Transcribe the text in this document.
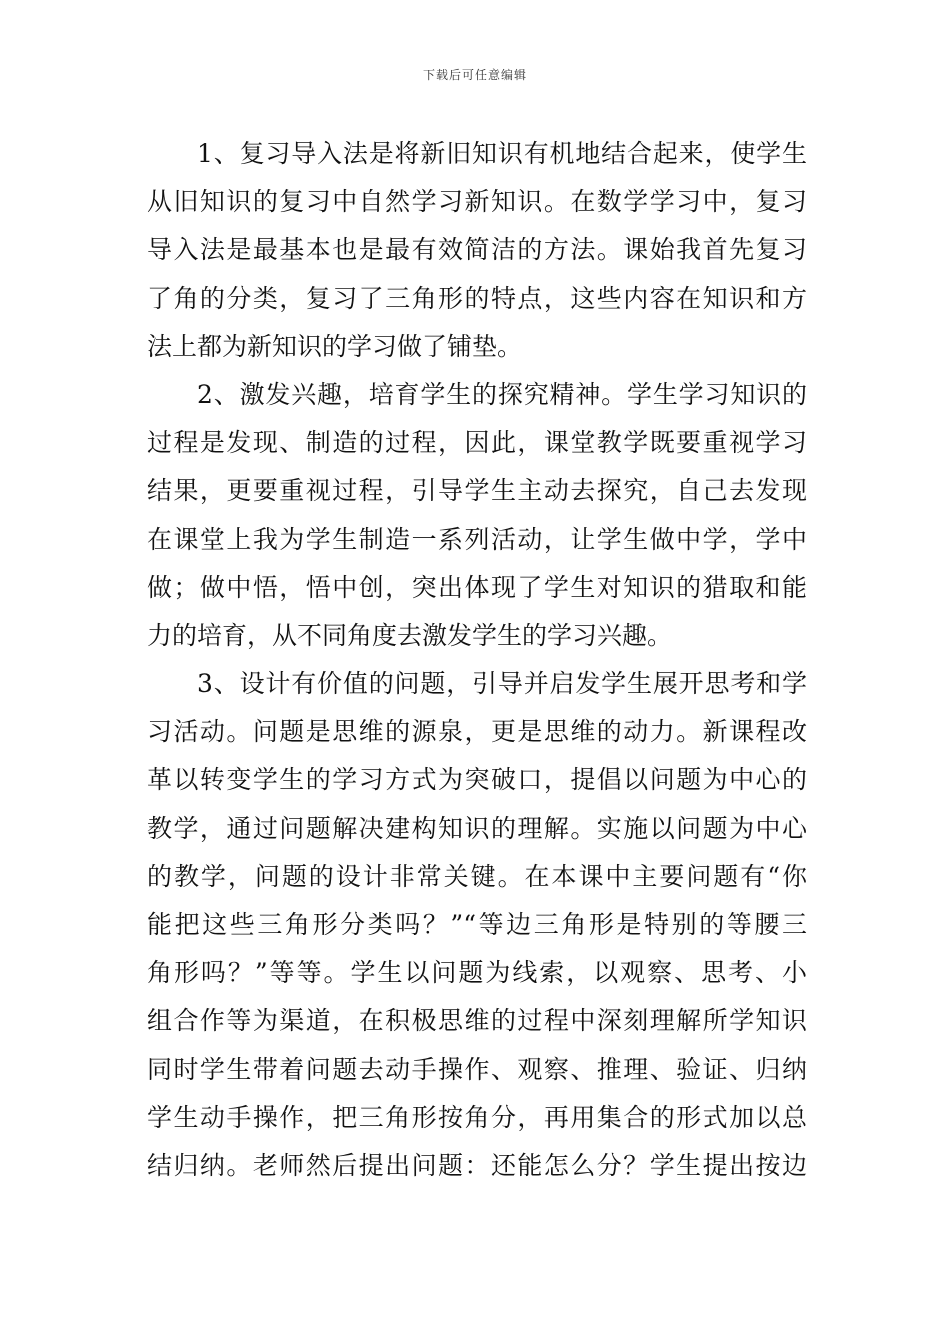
下载后可任意编辑
1、复习导入法是将新旧知识有机地结合起来，使学生
从旧知识的复习中自然学习新知识。在数学学习中，复习
导入法是最基本也是最有效简洁的方法。课始我首先复习
了角的分类，复习了三角形的特点，这些内容在知识和方
法上都为新知识的学习做了铺垫。
2、激发兴趣，培育学生的探究精神。学生学习知识的
过程是发现、制造的过程，因此，课堂教学既要重视学习
结果，更要重视过程，引导学生主动去探究，自己去发现
在课堂上我为学生制造一系列活动，让学生做中学，学中
做；做中悟，悟中创，突出体现了学生对知识的猎取和能
力的培育，从不同角度去激发学生的学习兴趣。
3、设计有价值的问题，引导并启发学生展开思考和学
习活动。问题是思维的源泉，更是思维的动力。新课程改
革以转变学生的学习方式为突破口，提倡以问题为中心的
教学，通过问题解决建构知识的理解。实施以问题为中心
的教学，问题的设计非常关键。在本课中主要问题有“你
能把这些三角形分类吗？”“等边三角形是特别的等腰三
角形吗？”等等。学生以问题为线索，以观察、思考、小
组合作等为渠道，在积极思维的过程中深刻理解所学知识
同时学生带着问题去动手操作、观察、推理、验证、归纳
学生动手操作，把三角形按角分，再用集合的形式加以总
结归纳。老师然后提出问题：还能怎么分？学生提出按边
